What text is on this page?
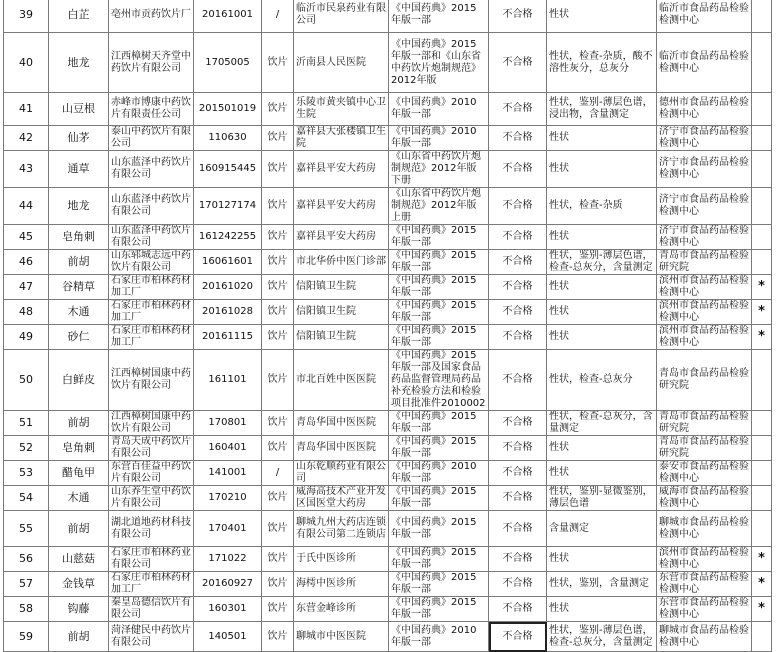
39	白芷	亳州市贡药饮片厂	20161001	/	临沂市民泉药业有限公司	《中国药典》2015年版一部	不合格	性状	临沂市食品药品检验检测中心	
40	地龙	江西樟树天齐堂中药饮片有限公司	1705005	饮片	沂南县人民医院	《中国药典》2015年版一部和《山东省中药饮片炮制规范》2012年版	不合格	性状，检查-杂质，酸不溶性灰分，总灰分	临沂市食品药品检验检测中心	
41	山豆根	赤峰市博康中药饮片有限责任公司	201501019	饮片	乐陵市黄夹镇中心卫生院	《中国药典》2010年版一部	不合格	性状，鉴别-薄层色谱，浸出物，含量测定	德州市食品药品检验检测中心	
42	仙茅	泰山中药饮片有限公司	110630	饮片	嘉祥县大张楼镇卫生院	《中国药典》2010年版一部	不合格	性状	济宁市食品药品检验检测中心	
43	通草	山东蓝泽中药饮片有限公司	160915445	饮片	嘉祥县平安大药房	《山东省中药饮片炮制规范》2012年版下册	不合格	性状	济宁市食品药品检验检测中心	
44	地龙	山东蓝泽中药饮片有限公司	170127174	饮片	嘉祥县平安大药房	《山东省中药饮片炮制规范》2012年版上册	不合格	性状，检查-杂质	济宁市食品药品检验检测中心	
45	皂角刺	山东蓝泽中药饮片有限公司	161242255	饮片	嘉祥县平安大药房	《中国药典》2015年版一部	不合格	性状	济宁市食品药品检验检测中心	
46	前胡	山东郓城志远中药饮片有限公司	16061601	饮片	市北华侨中医门诊部	《中国药典》2015年版一部	不合格	性状，鉴别-薄层色谱，检查-总灰分，含量测定	青岛市食品药品检验研究院	
47	谷精草	石家庄市柏林药材加工厂	20161020	饮片	信阳镇卫生院	《中国药典》2015年版一部	不合格	性状	滨州市食品药品检验检测中心	*
48	木通	石家庄市柏林药材加工厂	20161028	饮片	信阳镇卫生院	《中国药典》2015年版一部	不合格	性状	滨州市食品药品检验检测中心	*
49	砂仁	石家庄市柏林药材加工厂	20161115	饮片	信阳镇卫生院	《中国药典》2015年版一部	不合格	性状	滨州市食品药品检验检测中心	*
50	白鲜皮	江西樟树国康中药饮片有限公司	161101	饮片	市北百姓中医医院	《中国药典》2015年版一部及国家食品药品监督管理局药品补充检验方法和检验项目批准件2010002	不合格	性状，检查-总灰分	青岛市食品药品检验研究院	
51	前胡	江西樟树国康中药饮片有限公司	170801	饮片	青岛华国中医医院	《中国药典》2015年版一部	不合格	性状，检查-总灰分，含量测定	青岛市食品药品检验研究院	
52	皂角刺	青岛天成中药饮片有限公司	160401	饮片	青岛华国中医医院	《中国药典》2015年版一部	不合格	性状	青岛市食品药品检验研究院	
53	醋龟甲	东营百佳益中药饮片有限公司	141001	/	山东乾顺药业有限公司	《中国药典》2010年版一部	不合格	性状	泰安市食品药品检验检测中心	
54	木通	山东养生堂中药饮片有限公司	170210	饮片	威海高技术产业开发区国医堂大药房	《中国药典》2015年版一部	不合格	性状，鉴别-显微鉴别，薄层色谱	威海市食品药品检验检测中心	
55	前胡	湖北道地药材科技有限公司	170401	饮片	聊城九州大药店连锁有限公司第二连锁店	《中国药典》2015年版一部	不合格	含量测定	聊城市食品药品检验检测中心	
56	山慈菇	石家庄市柏林药业有限公司	171022	饮片	于氏中医诊所	《中国药典》2015年版一部	不合格	性状	滨州市食品药品检验检测中心	*
57	金钱草	石家庄市柏林药材加工厂	20160927	饮片	海樗中医诊所	《中国药典》2015年版一部	不合格	性状，鉴别，含量测定	东营市食品药品检验检测中心	*
58	钩藤	秦皇岛德信饮片有限公司	160301	饮片	东营金峰诊所	《中国药典》2015年版一部	不合格	性状	东营市食品药品检验检测中心	*
59	前胡	菏泽健民中药饮片有限公司	140501	饮片	聊城市中医医院	《中国药典》2010年版一部	不合格	性状，鉴别-薄层色谱，检查-总灰分，含量测定	聊城市食品药品检验检测中心	
